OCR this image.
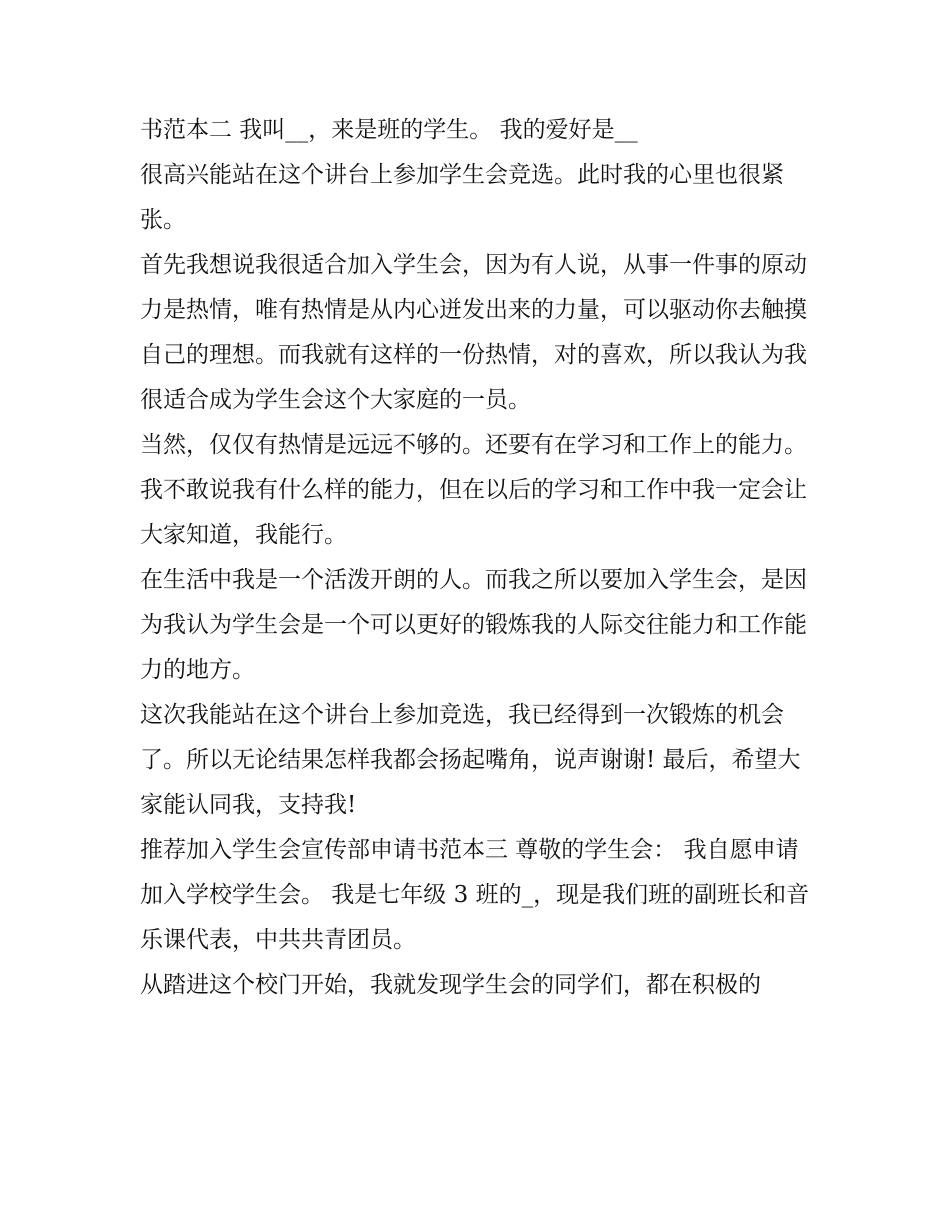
书范本二 我叫__，来是班的学生。 我的爱好是__

很高兴能站在这个讲台上参加学生会竞选。此时我的心里也很紧张。

首先我想说我很适合加入学生会，因为有人说，从事一件事的原动力是热情，唯有热情是从内心迸发出来的力量，可以驱动你去触摸自己的理想。而我就有这样的一份热情，对的喜欢，所以我认为我很适合成为学生会这个大家庭的一员。

当然，仅仅有热情是远远不够的。还要有在学习和工作上的能力。我不敢说我有什么样的能力，但在以后的学习和工作中我一定会让大家知道，我能行。

在生活中我是一个活泼开朗的人。而我之所以要加入学生会，是因为我认为学生会是一个可以更好的锻炼我的人际交往能力和工作能力的地方。

这次我能站在这个讲台上参加竞选，我已经得到一次锻炼的机会了。所以无论结果怎样我都会扬起嘴角，说声谢谢! 最后，希望大家能认同我，支持我!

推荐加入学生会宣传部申请书范本三 尊敬的学生会： 我自愿申请加入学校学生会。 我是七年级 3 班的_，现是我们班的副班长和音乐课代表，中共共青团员。

从踏进这个校门开始，我就发现学生会的同学们，都在积极的
